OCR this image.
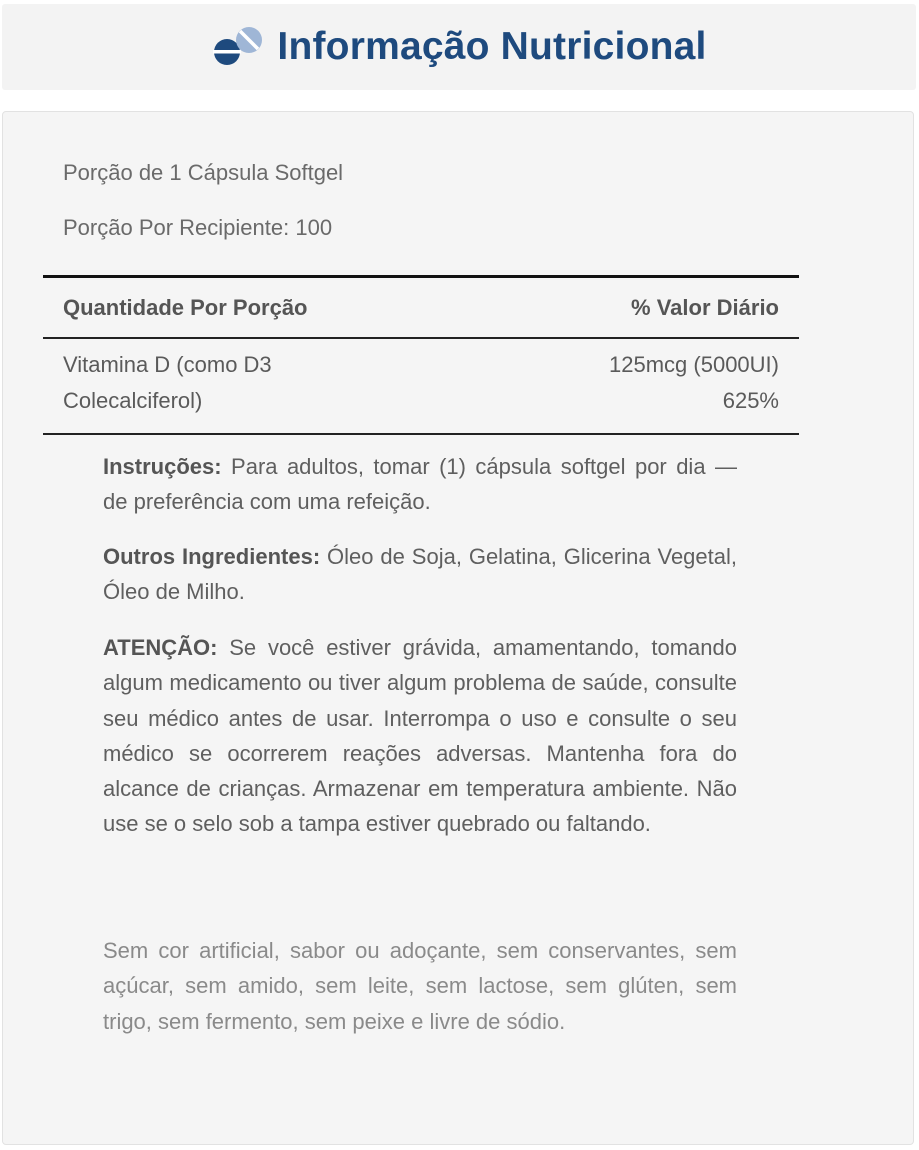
Informação Nutricional
Porção de 1 Cápsula Softgel
Porção Por Recipiente: 100
Quantidade Por Porção	% Valor Diário
Vitamina D (como D3
Colecalciferol)
125mcg (5000UI)
625%

Instruções: Para adultos, tomar (1) cápsula softgel por dia — de preferência com uma refeição.

Outros Ingredientes: Óleo de Soja, Gelatina, Glicerina Vegetal, Óleo de Milho.

ATENÇÃO: Se você estiver grávida, amamentando, tomando algum medicamento ou tiver algum problema de saúde, consulte seu médico antes de usar. Interrompa o uso e consulte o seu médico se ocorrerem reações adversas. Mantenha fora do alcance de crianças. Armazenar em temperatura ambiente. Não use se o selo sob a tampa estiver quebrado ou faltando.

Sem cor artificial, sabor ou adoçante, sem conservantes, sem açúcar, sem amido, sem leite, sem lactose, sem glúten, sem trigo, sem fermento, sem peixe e livre de sódio.
